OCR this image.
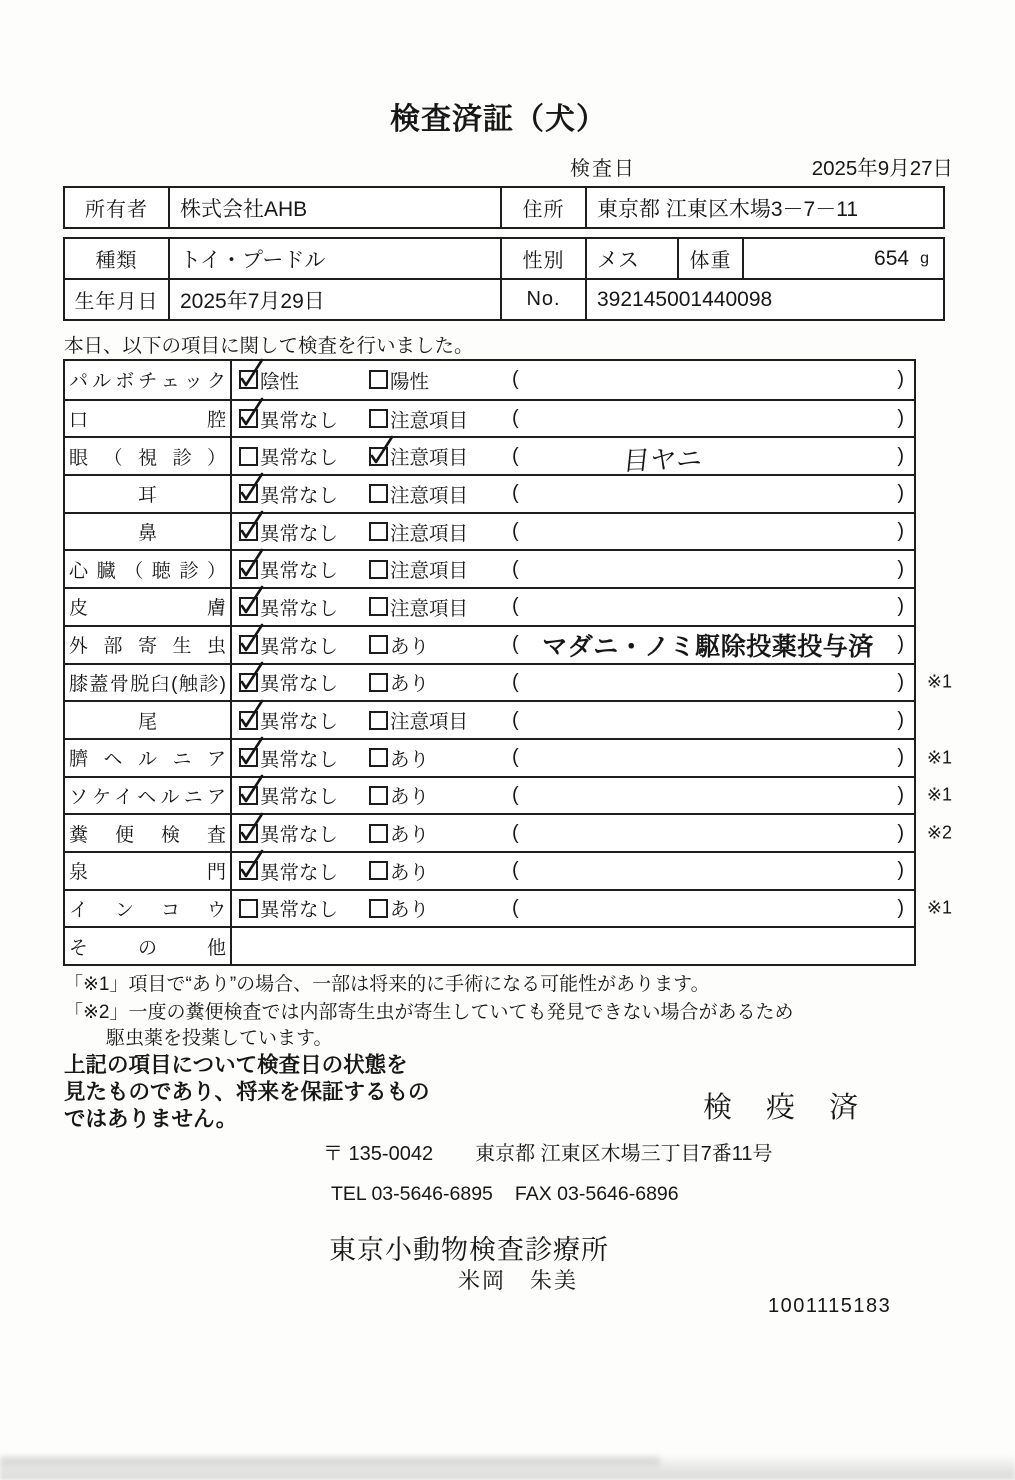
検査済証（犬）
検査日	2025年9月27日
所有者	株式会社AHB	住所	東京都 江東区木場3－7－11
種類	トイ・プードル	性別	メス	体重	654 g
生年月日	2025年7月29日	No.	392145001440098
本日、以下の項目に関して検査を行いました。
パルボチェック 陰性	陽性	(	)
口腔 異常なし	注意項目 (	)
眼（視診） 異常なし	注意項目 (	目ヤニ	)
耳	異常なし	注意項目 (	)
鼻	異常なし	注意項目 (	)
心臓（聴診） 異常なし	注意項目 (	)
皮膚 異常なし	注意項目 (	)
外部寄生虫 異常なし	あり	( マダニ・ノミ駆除投薬投与済	)
膝蓋骨脱臼(触診) 異常なし	あり	(	) ※1
尾	異常なし	注意項目 (	)
臍ヘルニア 異常なし	あり	(	) ※1
ソケイヘルニア 異常なし	あり	(	) ※1
糞便検査 異常なし	あり	(	) ※2
泉門 異常なし	あり	(	)
インコウ 異常なし	あり	(	) ※1
その他
「※1」項目で“あり”の場合、一部は将来的に手術になる可能性があります。
「※2」一度の糞便検査では内部寄生虫が寄生していても発見できない場合があるため
駆虫薬を投薬しています。
上記の項目について検査日の状態を
見たものであり、将来を保証するもの
ではありません。	検 疫 済
〒 135-0042 東京都 江東区木場三丁目7番11号
TEL 03-5646-6895 FAX 03-5646-6896
東京小動物検査診療所
米岡　朱美
1001115183
